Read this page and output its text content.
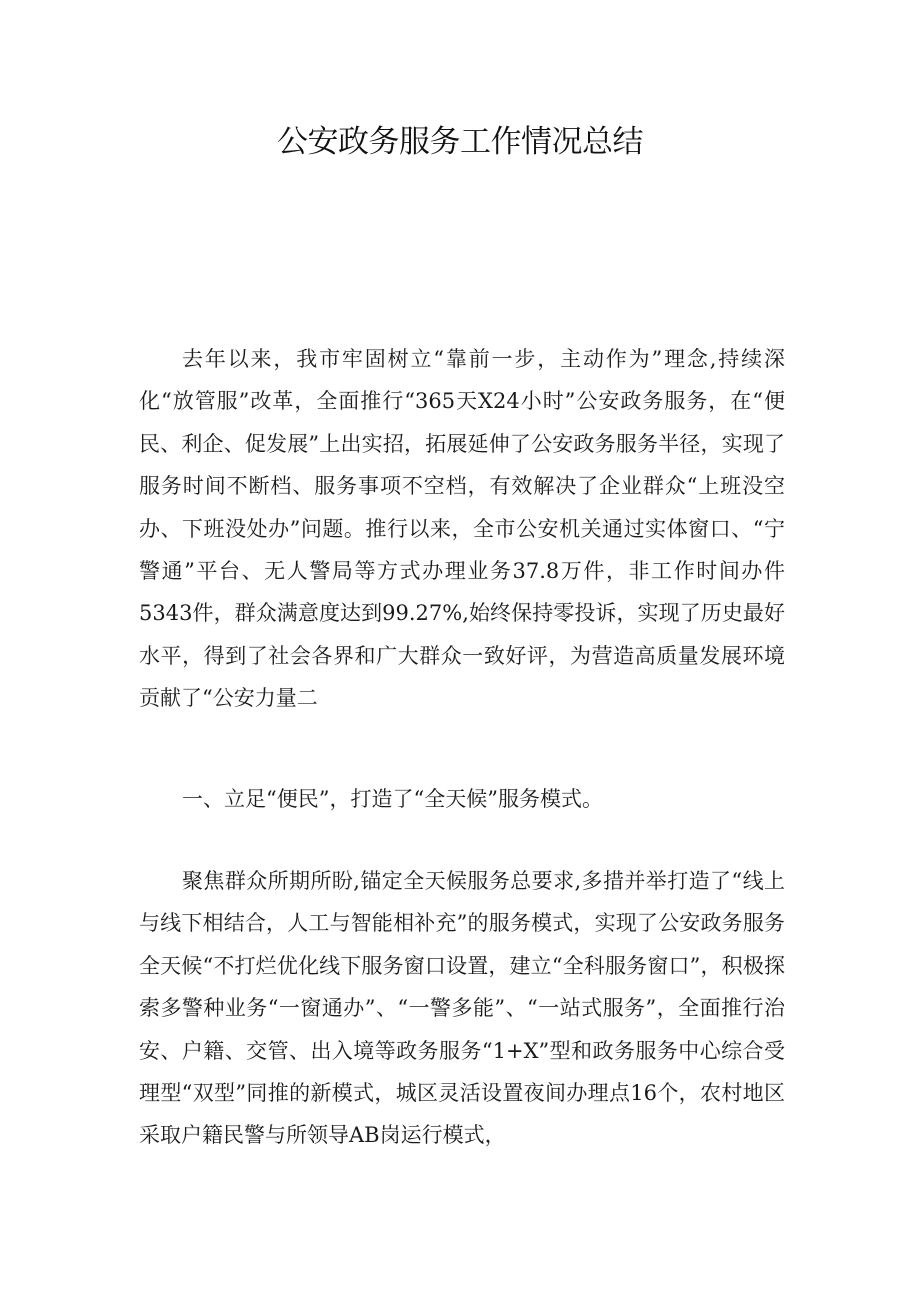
公安政务服务工作情况总结

去年以来，我市牢固树立“靠前一步，主动作为”理念,持续深化“放管服”改革，全面推行“365天X24小时”公安政务服务，在“便民、利企、促发展”上出实招，拓展延伸了公安政务服务半径，实现了服务时间不断档、服务事项不空档，有效解决了企业群众“上班没空办、下班没处办”问题。推行以来，全市公安机关通过实体窗口、“宁警通”平台、无人警局等方式办理业务37.8万件，非工作时间办件5343件，群众满意度达到99.27%,始终保持零投诉，实现了历史最好水平，得到了社会各界和广大群众一致好评，为营造高质量发展环境贡献了“公安力量二

一、立足“便民”，打造了“全天候”服务模式。

聚焦群众所期所盼,锚定全天候服务总要求,多措并举打造了“线上与线下相结合，人工与智能相补充”的服务模式，实现了公安政务服务全天候“不打烂优化线下服务窗口设置，建立“全科服务窗口”，积极探索多警种业务“一窗通办”、“一警多能”、“一站式服务”，全面推行治安、户籍、交管、出入境等政务服务“1+X”型和政务服务中心综合受理型“双型”同推的新模式，城区灵活设置夜间办理点16个，农村地区采取户籍民警与所领导AB岗运行模式，
